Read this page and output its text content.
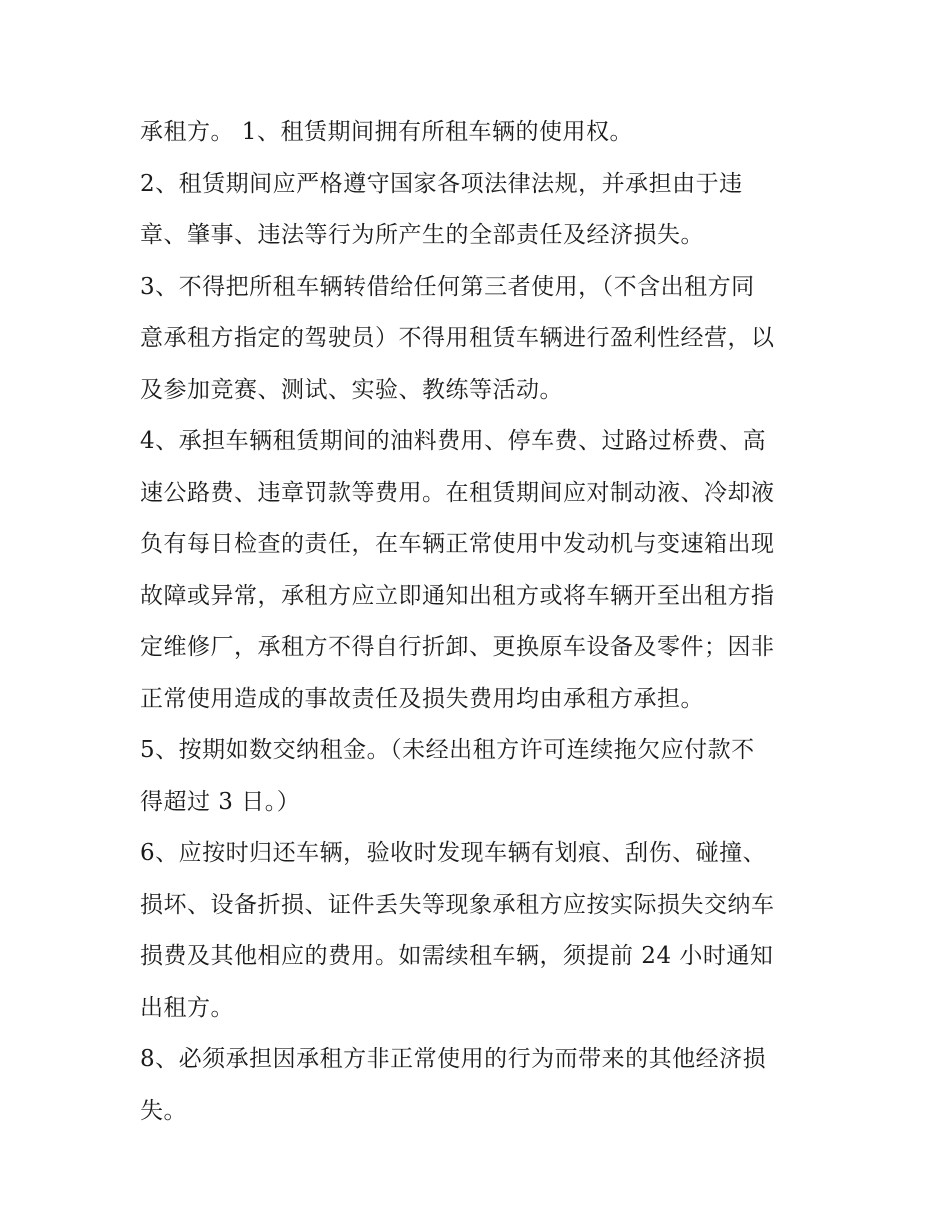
承租方。 1、租赁期间拥有所租车辆的使用权。
2、租赁期间应严格遵守国家各项法律法规，并承担由于违
章、肇事、违法等行为所产生的全部责任及经济损失。
3、不得把所租车辆转借给任何第三者使用，（不含出租方同
意承租方指定的驾驶员）不得用租赁车辆进行盈利性经营，以
及参加竞赛、测试、实验、教练等活动。
4、承担车辆租赁期间的油料费用、停车费、过路过桥费、高
速公路费、违章罚款等费用。在租赁期间应对制动液、冷却液
负有每日检查的责任，在车辆正常使用中发动机与变速箱出现
故障或异常，承租方应立即通知出租方或将车辆开至出租方指
定维修厂，承租方不得自行折卸、更换原车设备及零件；因非
正常使用造成的事故责任及损失费用均由承租方承担。
5、按期如数交纳租金。（未经出租方许可连续拖欠应付款不
得超过 3 日。）
6、应按时归还车辆，验收时发现车辆有划痕、刮伤、碰撞、
损坏、设备折损、证件丢失等现象承租方应按实际损失交纳车
损费及其他相应的费用。如需续租车辆，须提前 24 小时通知
出租方。
8、必须承担因承租方非正常使用的行为而带来的其他经济损
失。
